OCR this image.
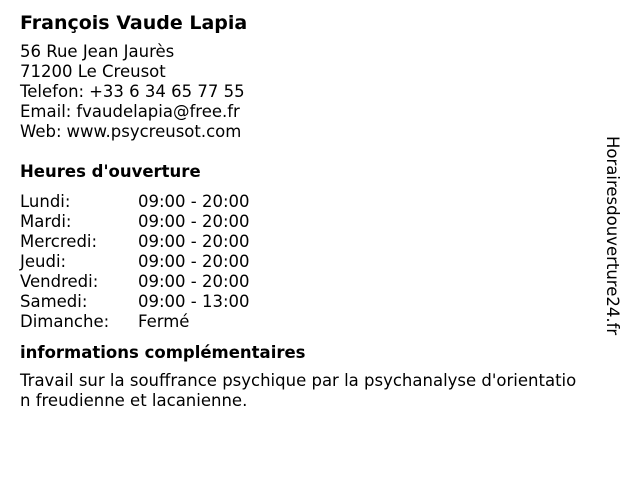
François Vaude Lapia
56 Rue Jean Jaurès
71200 Le Creusot
Telefon: +33 6 34 65 77 55
Email: fvaudelapia@free.fr
Web: www.psycreusot.com
Heures d'ouverture
Lundi:	09:00 - 20:00
Mardi:	09:00 - 20:00
Mercredi:	09:00 - 20:00
Jeudi:	09:00 - 20:00
Vendredi:	09:00 - 20:00
Samedi:	09:00 - 13:00
Dimanche:	Fermé
informations complémentaires
Travail sur la souffrance psychique par la psychanalyse d'orientation freudienne et lacanienne.
Horairesdouverture24.fr
